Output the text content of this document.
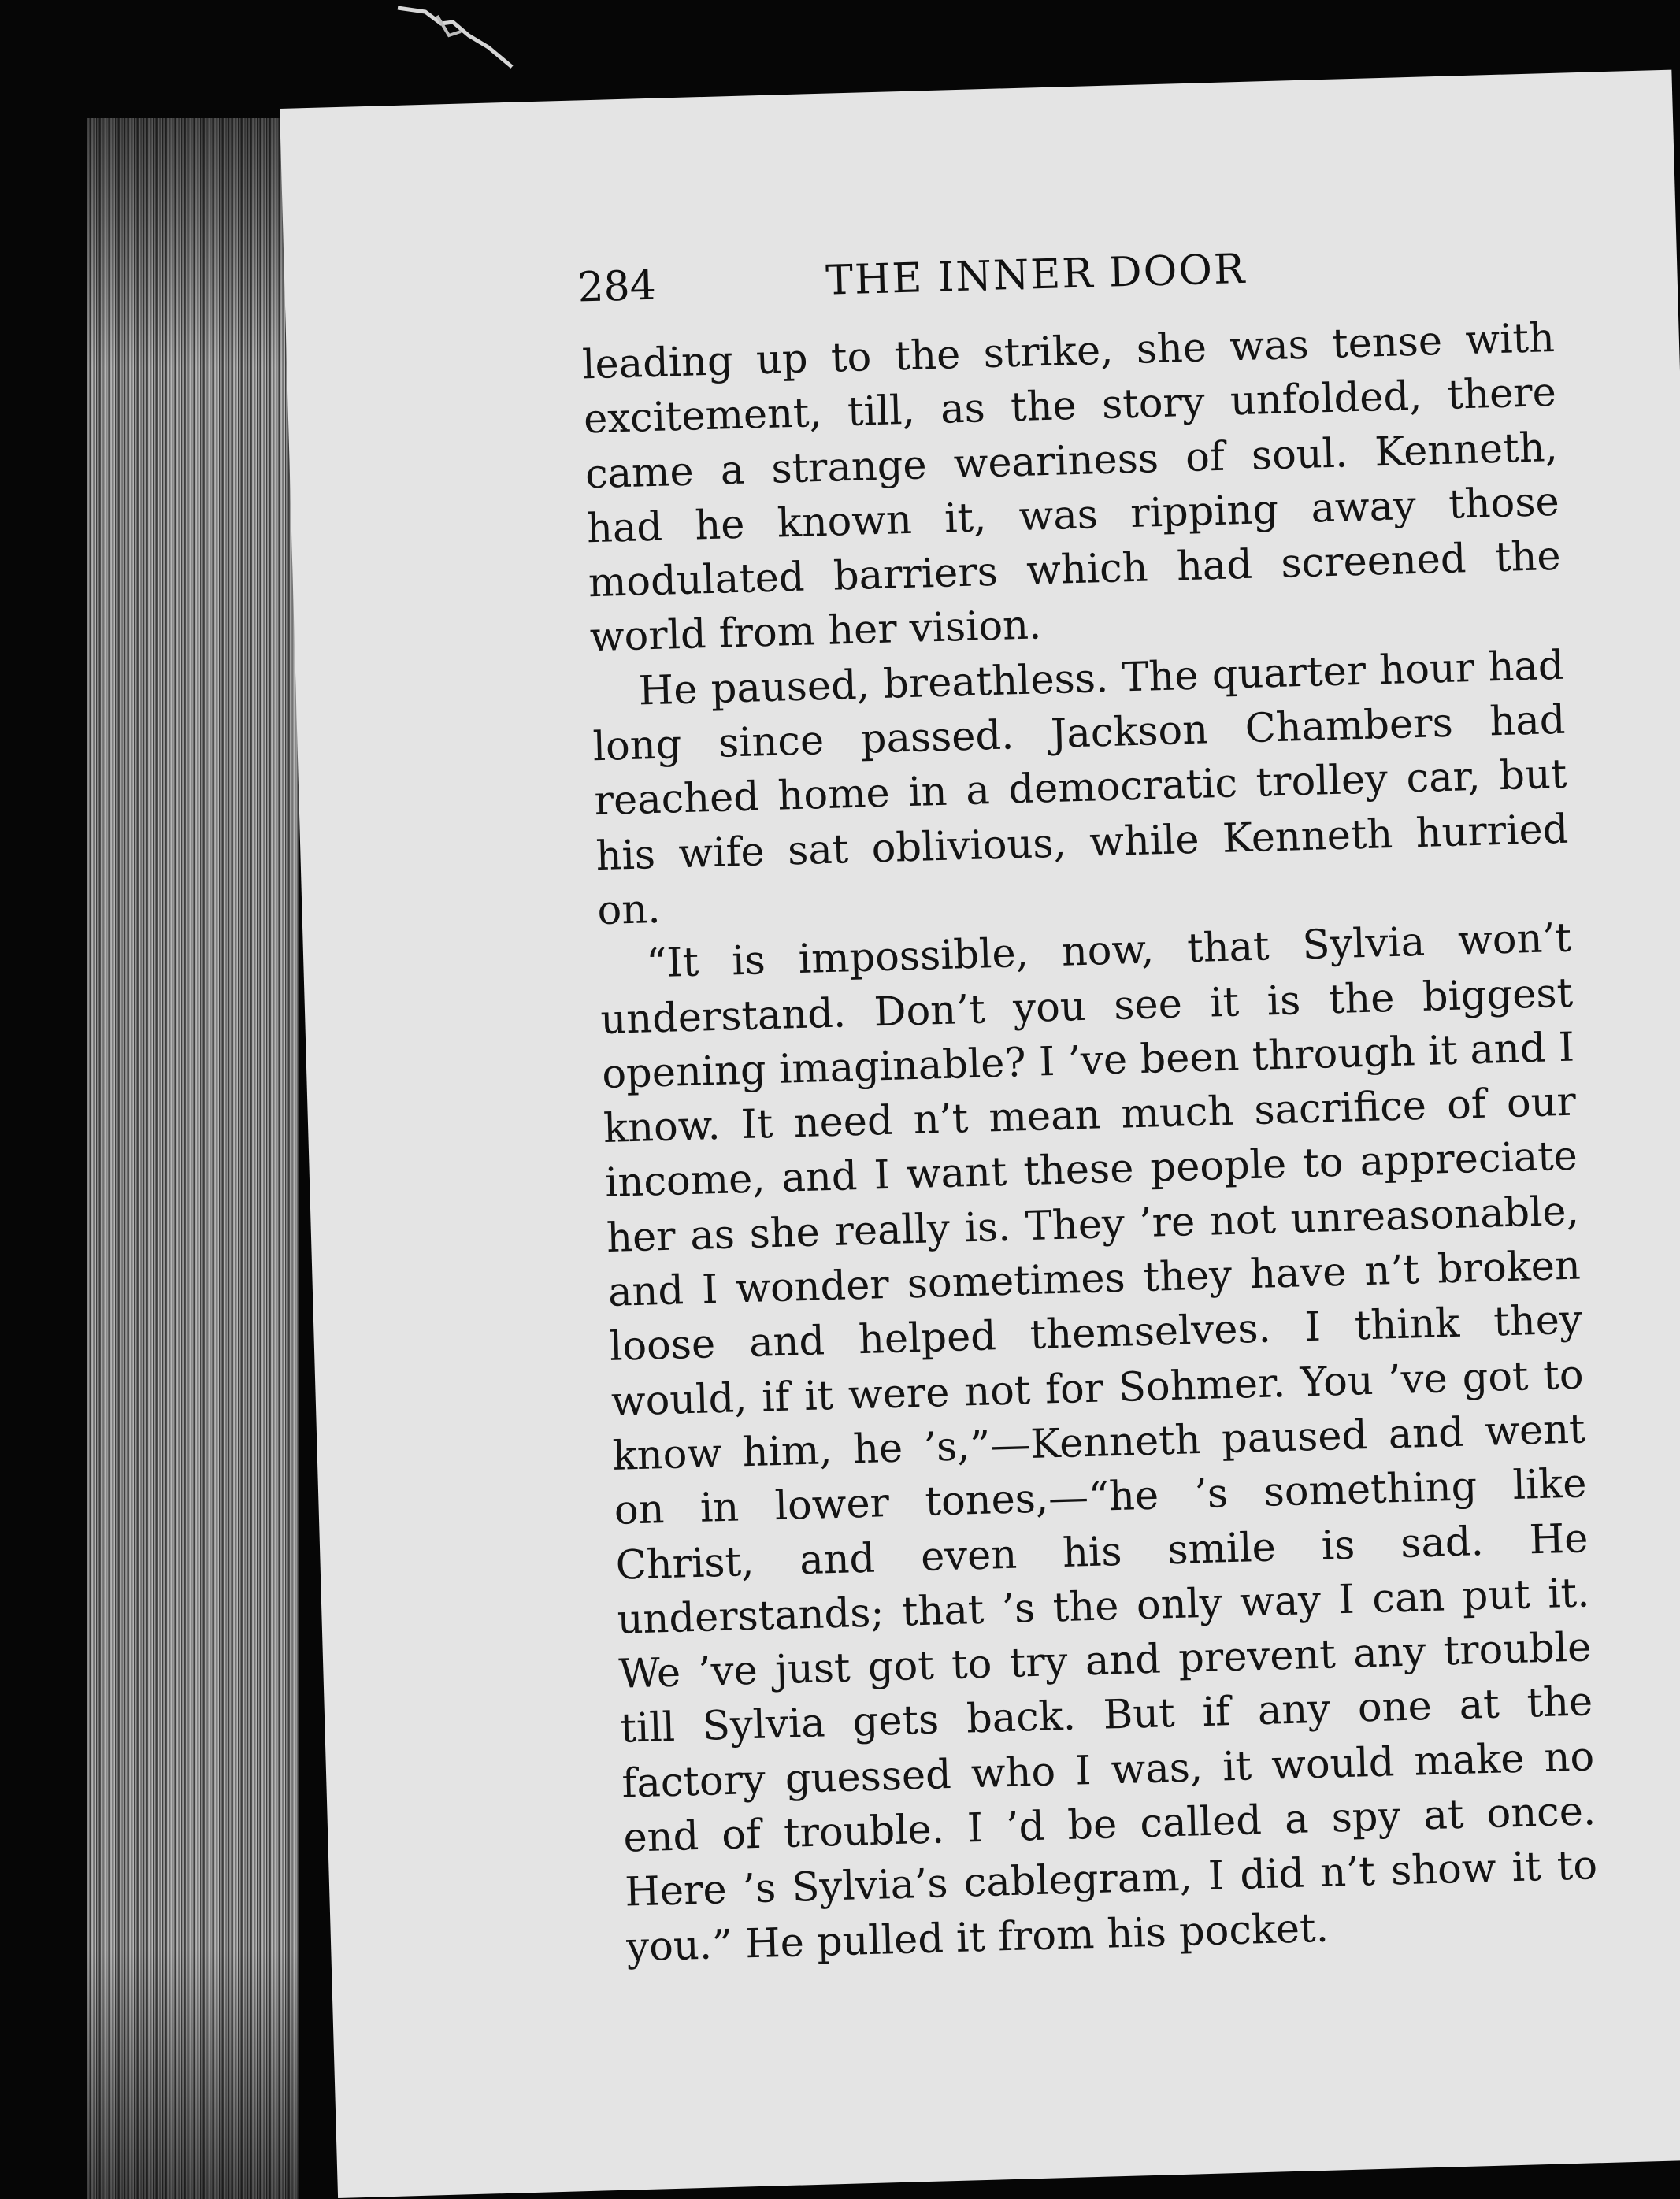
284	THE INNER DOOR

leading up to the strike, she was tense with excitement, till, as the story unfolded, there came a strange weariness of soul. Kenneth, had he known it, was ripping away those modulated barriers which had screened the world from her vision.

He paused, breathless. The quarter hour had long since passed. Jackson Chambers had reached home in a democratic trolley car, but his wife sat oblivious, while Kenneth hurried on.

“It is impossible, now, that Sylvia won’t understand. Don’t you see it is the biggest opening imaginable? I ’ve been through it and I know. It need n’t mean much sacrifice of our income, and I want these people to appreciate her as she really is. They ’re not unreasonable, and I wonder sometimes they have n’t broken loose and helped themselves. I think they would, if it were not for Sohmer. You ’ve got to know him, he ’s,”—Kenneth paused and went on in lower tones,—“he ’s something like Christ, and even his smile is sad. He understands; that ’s the only way I can put it. We ’ve just got to try and prevent any trouble till Sylvia gets back. But if any one at the factory guessed who I was, it would make no end of trouble. I ’d be called a spy at once. Here ’s Sylvia’s cablegram, I did n’t show it to you.” He pulled it from his pocket.
